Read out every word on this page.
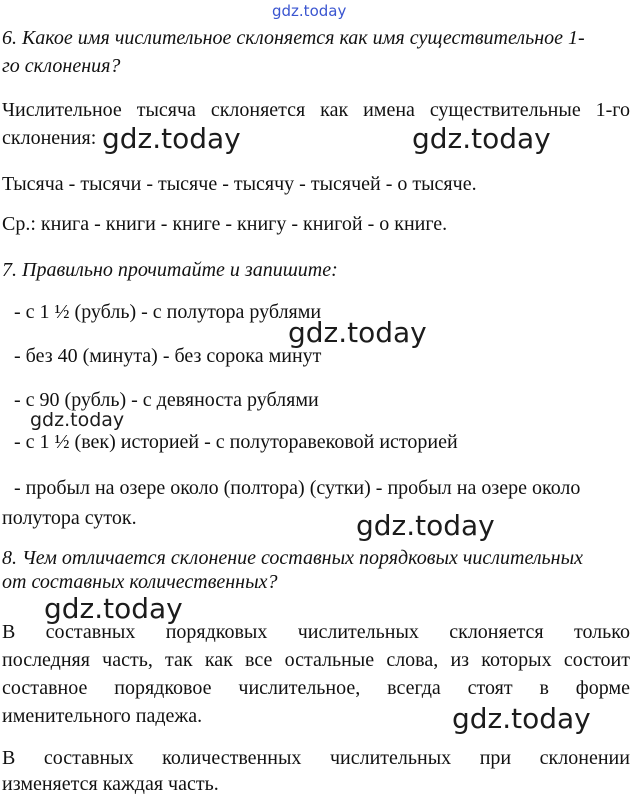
gdz.today
6. Какое имя числительное склоняется как имя существительное 1-
го склонения?
Числительное тысяча склоняется как имена существительные 1-го
склонения: gdz.today	gdz.today
Тысяча - тысячи - тысяче - тысячу - тысячей - о тысяче.
Ср.: книга - книги - книге - книгу - книгой - о книге.
7. Правильно прочитайте и запишите:
- с 1 ½ (рубль) - с полутора рублями
gdz.today
- без 40 (минута) - без сорока минут
- с 90 (рубль) - с девяноста рублями
gdz.today
- с 1 ½ (век) историей - с полуторавековой историей
- пробыл на озере около (полтора) (сутки) - пробыл на озере около
полутора суток.	gdz.today
8. Чем отличается склонение составных порядковых числительных
от составных количественных?
gdz.today
В составных порядковых числительных склоняется только
последняя часть, так как все остальные слова, из которых состоит
составное порядковое числительное, всегда стоят в форме
именительного падежа.	gdz.today
В составных количественных числительных при склонении
изменяется каждая часть.
